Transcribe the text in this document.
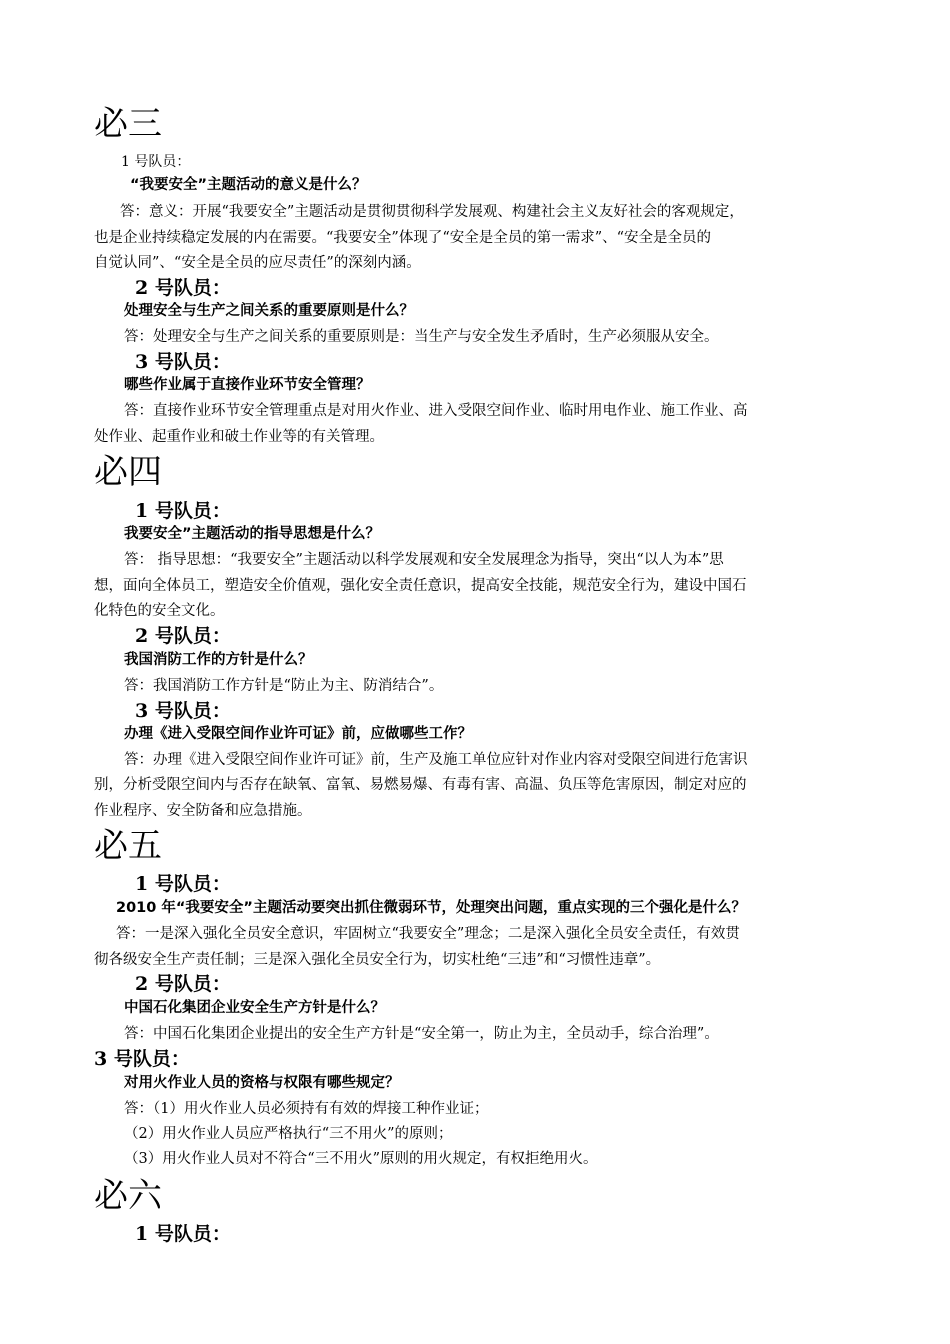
必三
1 号队员：
“我要安全”主题活动的意义是什么？
答：意义：开展“我要安全”主题活动是贯彻贯彻科学发展观、构建社会主义友好社会的客观规定，
也是企业持续稳定发展的内在需要。“我要安全”体现了“安全是全员的第一需求”、“安全是全员的
自觉认同”、“安全是全员的应尽责任”的深刻内涵。
2 号队员：
处理安全与生产之间关系的重要原则是什么？
答：处理安全与生产之间关系的重要原则是：当生产与安全发生矛盾时，生产必须服从安全。
3 号队员：
哪些作业属于直接作业环节安全管理？
答：直接作业环节安全管理重点是对用火作业、进入受限空间作业、临时用电作业、施工作业、高
处作业、起重作业和破土作业等的有关管理。
必四
1 号队员：
我要安全”主题活动的指导思想是什么？
答： 指导思想：“我要安全”主题活动以科学发展观和安全发展理念为指导，突出“以人为本”思
想，面向全体员工，塑造安全价值观，强化安全责任意识，提高安全技能，规范安全行为，建设中国石
化特色的安全文化。
2 号队员：
我国消防工作的方针是什么？
答：我国消防工作方针是“防止为主、防消结合”。
3 号队员：
办理《进入受限空间作业许可证》前，应做哪些工作？
答：办理《进入受限空间作业许可证》前，生产及施工单位应针对作业内容对受限空间进行危害识
别，分析受限空间内与否存在缺氧、富氧、易燃易爆、有毒有害、高温、负压等危害原因，制定对应的
作业程序、安全防备和应急措施。
必五
1 号队员：
2010 年“我要安全”主题活动要突出抓住微弱环节，处理突出问题，重点实现的三个强化是什么？
答：一是深入强化全员安全意识，牢固树立“我要安全”理念；二是深入强化全员安全责任，有效贯
彻各级安全生产责任制；三是深入强化全员安全行为，切实杜绝“三违”和“习惯性违章”。
2 号队员：
中国石化集团企业安全生产方针是什么？
答：中国石化集团企业提出的安全生产方针是“安全第一，防止为主，全员动手，综合治理”。
3 号队员：
对用火作业人员的资格与权限有哪些规定？
答：（1）用火作业人员必须持有有效的焊接工种作业证；
（2）用火作业人员应严格执行“三不用火”的原则；
（3）用火作业人员对不符合“三不用火”原则的用火规定，有权拒绝用火。
必六
1 号队员：
